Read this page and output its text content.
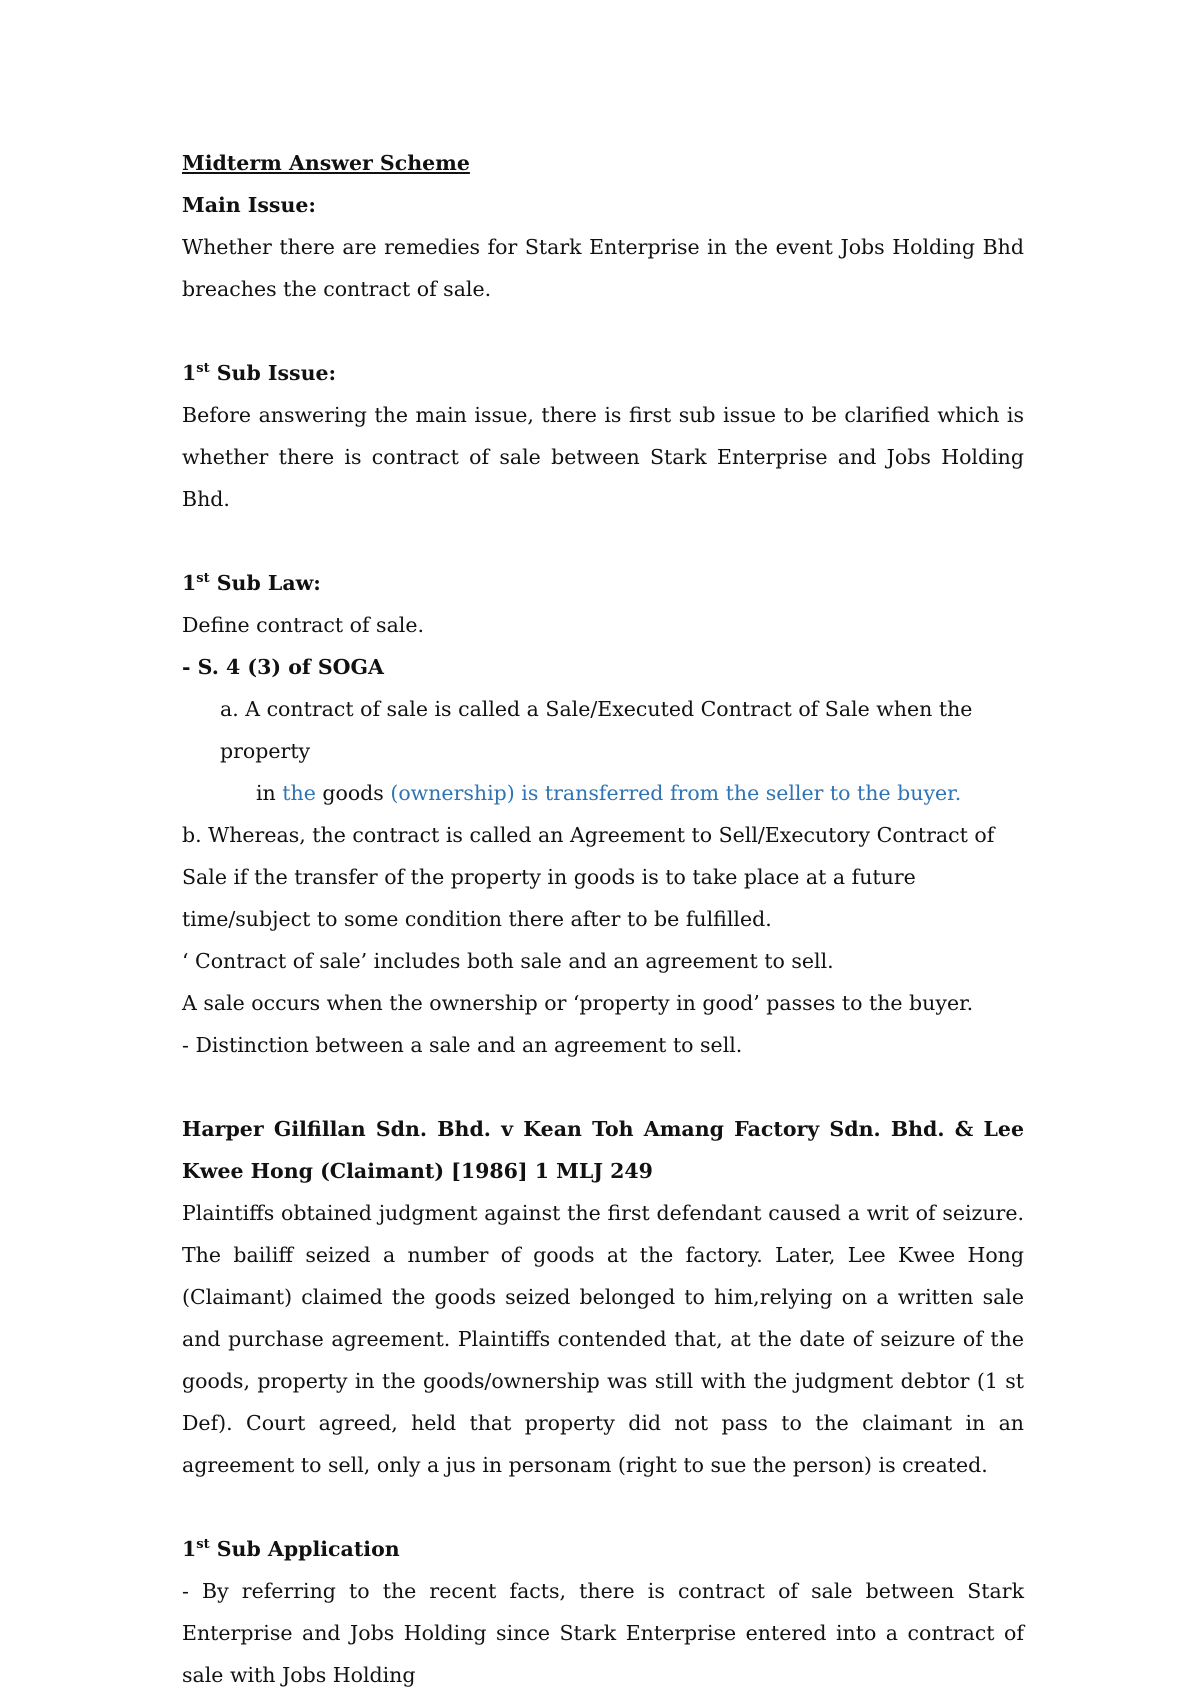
Midterm Answer Scheme

Main Issue:

Whether there are remedies for Stark Enterprise in the event Jobs Holding Bhd breaches the contract of sale.

1st Sub Issue:

Before answering the main issue, there is first sub issue to be clarified which is whether there is contract of sale between Stark Enterprise and Jobs Holding Bhd.

1st Sub Law:

Define contract of sale.

- S. 4 (3) of SOGA

a. A contract of sale is called a Sale/Executed Contract of Sale when the property
in the goods (ownership) is transferred from the seller to the buyer.

b. Whereas, the contract is called an Agreement to Sell/Executory Contract of Sale if the transfer of the property in goods is to take place at a future time/subject to some condition there after to be fulfilled.

‘ Contract of sale’ includes both sale and an agreement to sell.

A sale occurs when the ownership or ‘property in good’ passes to the buyer.

- Distinction between a sale and an agreement to sell.

Harper Gilfillan Sdn. Bhd. v Kean Toh Amang Factory Sdn. Bhd. & Lee Kwee Hong (Claimant) [1986] 1 MLJ 249

Plaintiffs obtained judgment against the first defendant caused a writ of seizure. The bailiff seized a number of goods at the factory. Later, Lee Kwee Hong (Claimant) claimed the goods seized belonged to him,relying on a written sale and purchase agreement. Plaintiffs contended that, at the date of seizure of the goods, property in the goods/ownership was still with the judgment debtor (1 st Def). Court agreed, held that property did not pass to the claimant in an agreement to sell, only a jus in personam (right to sue the person) is created.

1st Sub Application

- By referring to the recent facts, there is contract of sale between Stark Enterprise and Jobs Holding since Stark Enterprise entered into a contract of sale with Jobs Holding
